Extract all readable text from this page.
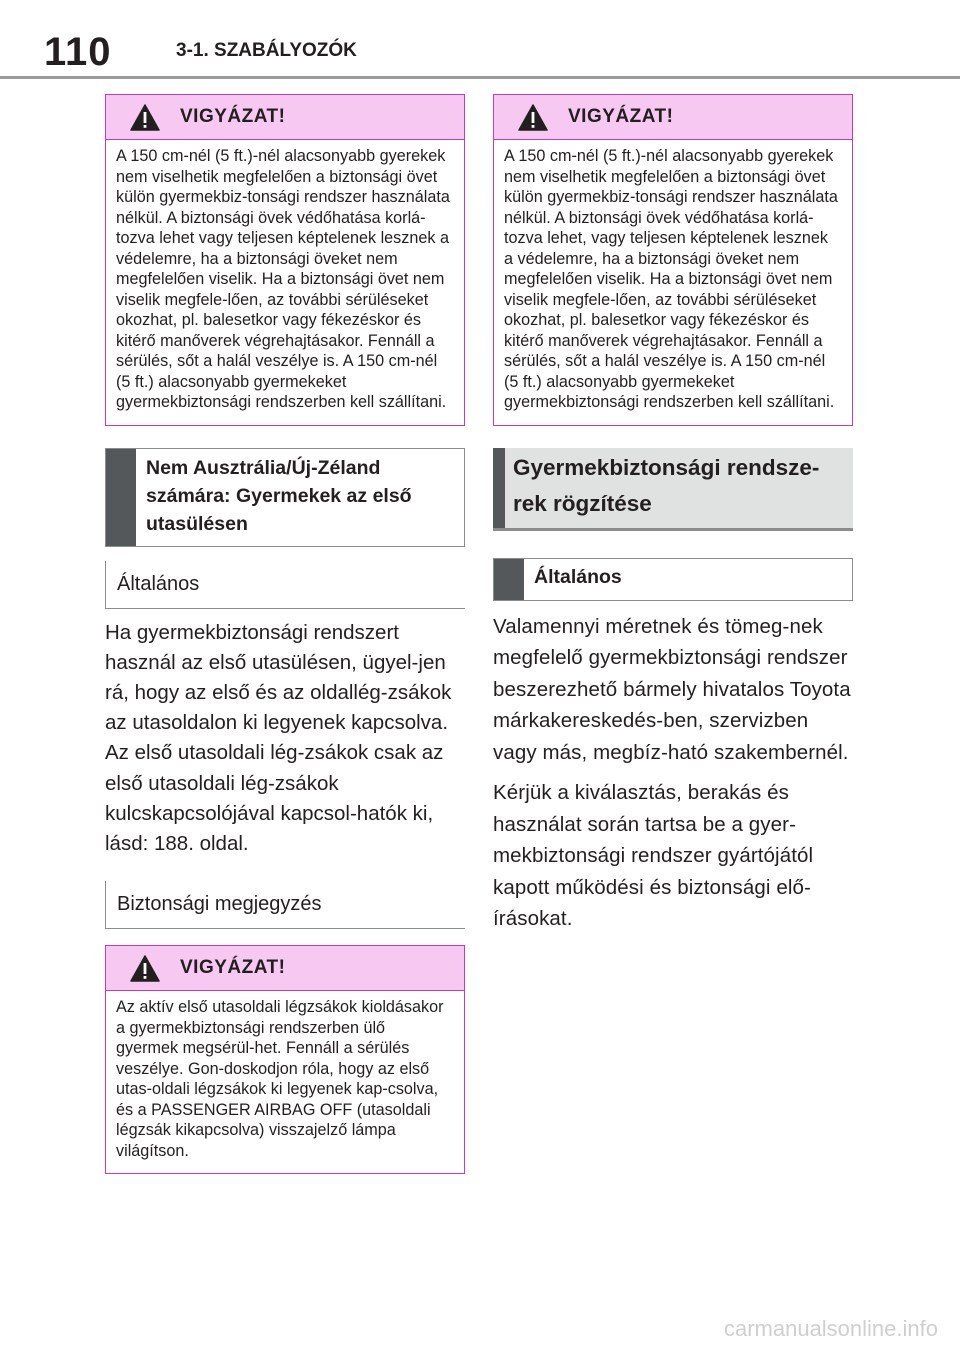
110	3-1. SZABÁLYOZÓK
VIGYÁZAT!

A 150 cm-nél (5 ft.)-nél alacsonyabb gyerekek nem viselhetik megfelelően a biztonsági övet külön gyermekbiz-tonsági rendszer használata nélkül. A biztonsági övek védőhatása korlá-tozva lehet vagy teljesen képtelenek lesznek a védelemre, ha a biztonsági öveket nem megfelelően viselik. Ha a biztonsági övet nem viselik megfele-lően, az további sérüléseket okozhat, pl. balesetkor vagy fékezéskor és kitérő manőverek végrehajtásakor. Fennáll a sérülés, sőt a halál veszélye is. A 150 cm-nél (5 ft.) alacsonyabb gyermekeket gyermekbiztonsági rendszerben kell szállítani.

Nem Ausztrália/Új-Zéland számára: Gyermekek az első utasülésen
Általános

Ha gyermekbiztonsági rendszert használ az első utasülésen, ügyel-jen rá, hogy az első és az oldallég-zsákok az utasoldalon ki legyenek kapcsolva. Az első utasoldali lég-zsákok csak az első utasoldali lég-zsákok kulcskapcsolójával kapcsol-hatók ki, lásd: 188. oldal.

Biztonsági megjegyzés
VIGYÁZAT!

Az aktív első utasoldali légzsákok kioldásakor a gyermekbiztonsági rendszerben ülő gyermek megsérül-het. Fennáll a sérülés veszélye. Gon-doskodjon róla, hogy az első utas-oldali légzsákok ki legyenek kap-csolva, és a PASSENGER AIRBAG OFF (utasoldali légzsák kikapcsolva) visszajelző lámpa világítson.

VIGYÁZAT!

A 150 cm-nél (5 ft.)-nél alacsonyabb gyerekek nem viselhetik megfelelően a biztonsági övet külön gyermekbiz-tonsági rendszer használata nélkül. A biztonsági övek védőhatása korlá-tozva lehet, vagy teljesen képtelenek lesznek a védelemre, ha a biztonsági öveket nem megfelelően viselik. Ha a biztonsági övet nem viselik megfele-lően, az további sérüléseket okozhat, pl. balesetkor vagy fékezéskor és kitérő manőverek végrehajtásakor. Fennáll a sérülés, sőt a halál veszélye is. A 150 cm-nél (5 ft.) alacsonyabb gyermekeket gyermekbiztonsági rendszerben kell szállítani.

Gyermekbiztonsági rendsze-rek rögzítése
Általános

Valamennyi méretnek és tömeg-nek megfelelő gyermekbiztonsági rendszer beszerezhető bármely hivatalos Toyota márkakereskedés-ben, szervizben vagy más, megbíz-ható szakembernél.

Kérjük a kiválasztás, berakás és használat során tartsa be a gyer-mekbiztonsági rendszer gyártójától kapott működési és biztonsági elő-írásokat.

carmanualsonline.info
